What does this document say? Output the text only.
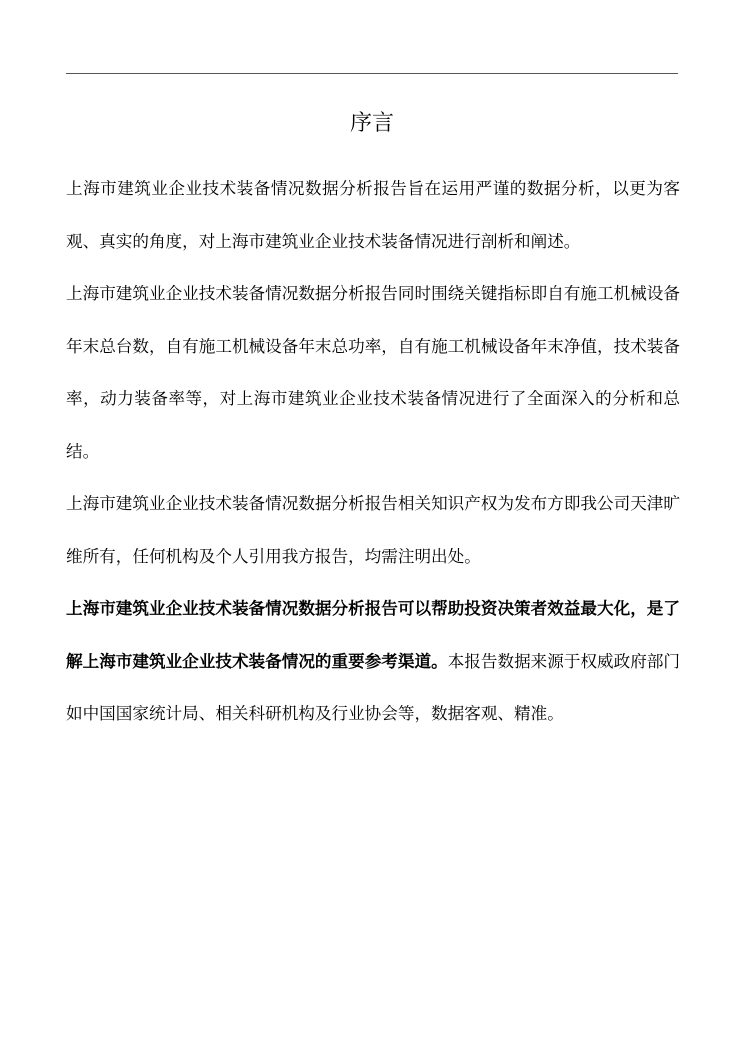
序言

上海市建筑业企业技术装备情况数据分析报告旨在运用严谨的数据分析，以更为客观、真实的角度，对上海市建筑业企业技术装备情况进行剖析和阐述。

上海市建筑业企业技术装备情况数据分析报告同时围绕关键指标即自有施工机械设备年末总台数，自有施工机械设备年末总功率，自有施工机械设备年末净值，技术装备率，动力装备率等，对上海市建筑业企业技术装备情况进行了全面深入的分析和总结。

上海市建筑业企业技术装备情况数据分析报告相关知识产权为发布方即我公司天津旷维所有，任何机构及个人引用我方报告，均需注明出处。

上海市建筑业企业技术装备情况数据分析报告可以帮助投资决策者效益最大化，是了解上海市建筑业企业技术装备情况的重要参考渠道。本报告数据来源于权威政府部门如中国国家统计局、相关科研机构及行业协会等，数据客观、精准。
